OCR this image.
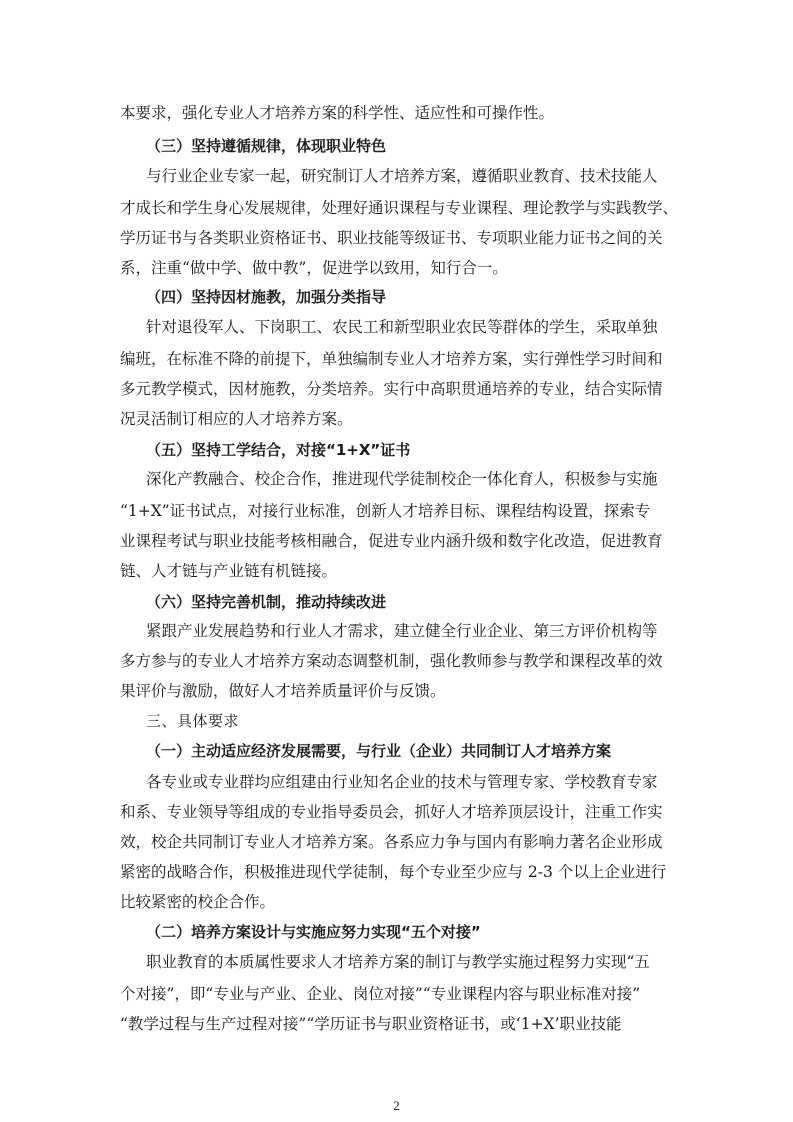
本要求，强化专业人才培养方案的科学性、适应性和可操作性。
（三）坚持遵循规律，体现职业特色
与行业企业专家一起，研究制订人才培养方案，遵循职业教育、技术技能人
才成长和学生身心发展规律，处理好通识课程与专业课程、理论教学与实践教学、
学历证书与各类职业资格证书、职业技能等级证书、专项职业能力证书之间的关
系，注重“做中学、做中教”，促进学以致用，知行合一。
（四）坚持因材施教，加强分类指导
针对退役军人、下岗职工、农民工和新型职业农民等群体的学生，采取单独
编班，在标准不降的前提下，单独编制专业人才培养方案，实行弹性学习时间和
多元教学模式，因材施教，分类培养。实行中高职贯通培养的专业，结合实际情
况灵活制订相应的人才培养方案。
（五）坚持工学结合，对接“1+X”证书
深化产教融合、校企合作，推进现代学徒制校企一体化育人，积极参与实施
“1+X”证书试点，对接行业标准，创新人才培养目标、课程结构设置，探索专
业课程考试与职业技能考核相融合，促进专业内涵升级和数字化改造，促进教育
链、人才链与产业链有机链接。
（六）坚持完善机制，推动持续改进
紧跟产业发展趋势和行业人才需求，建立健全行业企业、第三方评价机构等
多方参与的专业人才培养方案动态调整机制，强化教师参与教学和课程改革的效
果评价与激励，做好人才培养质量评价与反馈。
三、具体要求
（一）主动适应经济发展需要，与行业（企业）共同制订人才培养方案
各专业或专业群均应组建由行业知名企业的技术与管理专家、学校教育专家
和系、专业领导等组成的专业指导委员会，抓好人才培养顶层设计，注重工作实
效，校企共同制订专业人才培养方案。各系应力争与国内有影响力著名企业形成
紧密的战略合作，积极推进现代学徒制，每个专业至少应与 2-3 个以上企业进行
比较紧密的校企合作。
（二）培养方案设计与实施应努力实现“五个对接”
职业教育的本质属性要求人才培养方案的制订与教学实施过程努力实现“五
个对接”，即“专业与产业、企业、岗位对接”“专业课程内容与职业标准对接”
“教学过程与生产过程对接”“学历证书与职业资格证书，或‘1+X’职业技能
2
